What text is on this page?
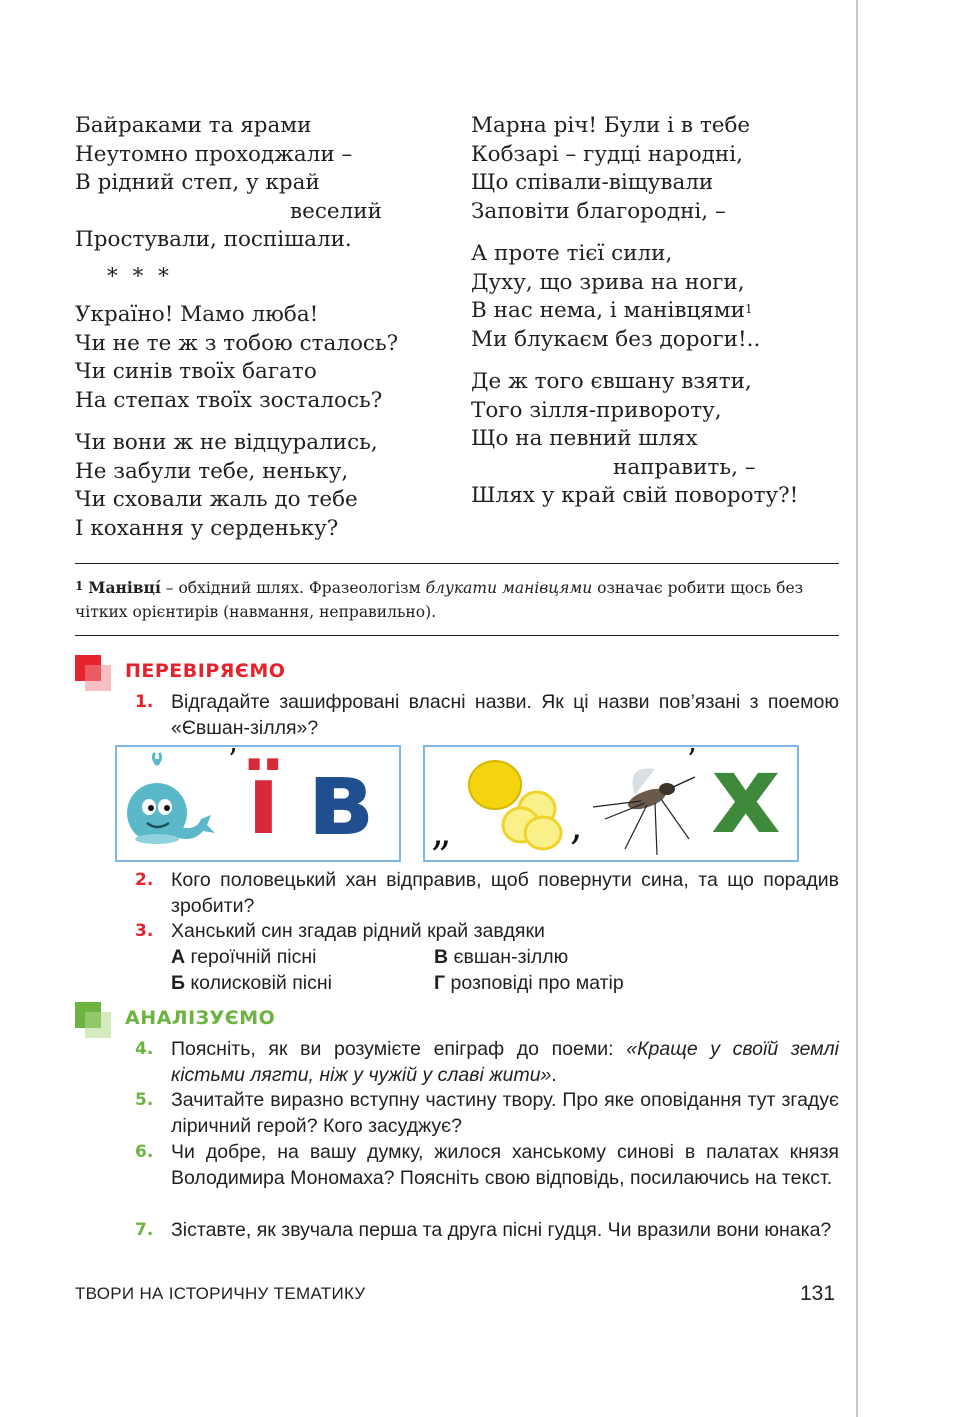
Байраками та ярами
Неутомно проходжали –
В рідний степ, у край
веселий
Простували, поспішали.
* * *
Україно! Мамо люба!
Чи не те ж з тобою сталось?
Чи синів твоїх багато
На степах твоїх зосталось?
Чи вони ж не відцурались,
Не забули тебе, неньку,
Чи сховали жаль до тебе
І кохання у серденьку?
Марна річ! Були і в тебе
Кобзарі – гудці народні,
Що співали-віщували
Заповіти благородні, –
А проте тієї сили,
Духу, що зрива на ноги,
В нас нема, і манівцями$^1$
Ми блукаєм без дороги!..
Де ж того євшану взяти,
Того зілля-привороту,
Що на певний шлях
направить, –
Шлях у край свій повороту?!
$^1$ Манівці́ – обхідний шлях. Фразеологізм блукати манівцями означає робити щось без чітких орієнтирів (навмання, неправильно).
ПЕРЕВІРЯЄМО
1. Відгадайте зашифровані власні назви. Як ці назви пов’язані з поемою «Євшан-зілля»?
’ ї в „	,
’ х
2. Кого половецький хан відправив, щоб повернути сина, та що порадив зробити?
3. Ханський син згадав рідний край завдяки
А героїчній пісні	В євшан-зіллю
Б колисковій пісні	Г розповіді про матір
АНАЛІЗУЄМО
4. Поясніть, як ви розумієте епіграф до поеми: «Краще у своїй землі кістьми лягти, ніж у чужій у славі жити».
5. Зачитайте виразно вступну частину твору. Про яке оповідання тут згадує ліричний герой? Кого засуджує?
6. Чи добре, на вашу думку, жилося ханському синові в палатах князя Володимира Мономаха? Поясніть свою відповідь, посилаючись на текст.
7. Зіставте, як звучала перша та друга пісні гудця. Чи вразили вони юнака?
ТВОРИ НА ІСТОРИЧНУ ТЕМАТИКУ	131
